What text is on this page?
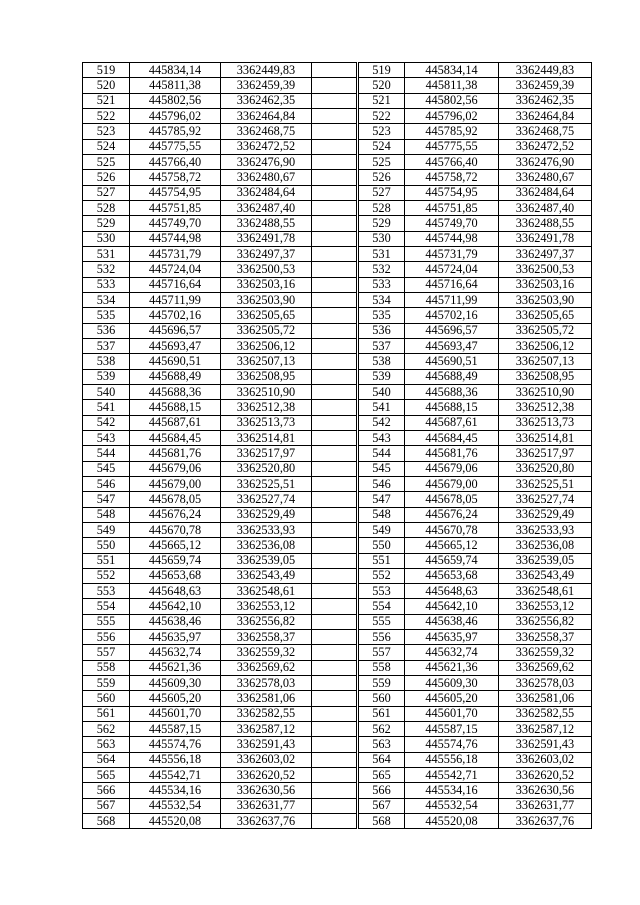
519	445834,14	3362449,83	
520	445811,38	3362459,39	
521	445802,56	3362462,35	
522	445796,02	3362464,84	
523	445785,92	3362468,75	
524	445775,55	3362472,52	
525	445766,40	3362476,90	
526	445758,72	3362480,67	
527	445754,95	3362484,64	
528	445751,85	3362487,40	
529	445749,70	3362488,55	
530	445744,98	3362491,78	
531	445731,79	3362497,37	
532	445724,04	3362500,53	
533	445716,64	3362503,16	
534	445711,99	3362503,90	
535	445702,16	3362505,65	
536	445696,57	3362505,72	
537	445693,47	3362506,12	
538	445690,51	3362507,13	
539	445688,49	3362508,95	
540	445688,36	3362510,90	
541	445688,15	3362512,38	
542	445687,61	3362513,73	
543	445684,45	3362514,81	
544	445681,76	3362517,97	
545	445679,06	3362520,80	
546	445679,00	3362525,51	
547	445678,05	3362527,74	
548	445676,24	3362529,49	
549	445670,78	3362533,93	
550	445665,12	3362536,08	
551	445659,74	3362539,05	
552	445653,68	3362543,49	
553	445648,63	3362548,61	
554	445642,10	3362553,12	
555	445638,46	3362556,82	
556	445635,97	3362558,37	
557	445632,74	3362559,32	
558	445621,36	3362569,62	
559	445609,30	3362578,03	
560	445605,20	3362581,06	
561	445601,70	3362582,55	
562	445587,15	3362587,12	
563	445574,76	3362591,43	
564	445556,18	3362603,02	
565	445542,71	3362620,52	
566	445534,16	3362630,56	
567	445532,54	3362631,77	
568	445520,08	3362637,76	
519	445834,14	3362449,83
520	445811,38	3362459,39
521	445802,56	3362462,35
522	445796,02	3362464,84
523	445785,92	3362468,75
524	445775,55	3362472,52
525	445766,40	3362476,90
526	445758,72	3362480,67
527	445754,95	3362484,64
528	445751,85	3362487,40
529	445749,70	3362488,55
530	445744,98	3362491,78
531	445731,79	3362497,37
532	445724,04	3362500,53
533	445716,64	3362503,16
534	445711,99	3362503,90
535	445702,16	3362505,65
536	445696,57	3362505,72
537	445693,47	3362506,12
538	445690,51	3362507,13
539	445688,49	3362508,95
540	445688,36	3362510,90
541	445688,15	3362512,38
542	445687,61	3362513,73
543	445684,45	3362514,81
544	445681,76	3362517,97
545	445679,06	3362520,80
546	445679,00	3362525,51
547	445678,05	3362527,74
548	445676,24	3362529,49
549	445670,78	3362533,93
550	445665,12	3362536,08
551	445659,74	3362539,05
552	445653,68	3362543,49
553	445648,63	3362548,61
554	445642,10	3362553,12
555	445638,46	3362556,82
556	445635,97	3362558,37
557	445632,74	3362559,32
558	445621,36	3362569,62
559	445609,30	3362578,03
560	445605,20	3362581,06
561	445601,70	3362582,55
562	445587,15	3362587,12
563	445574,76	3362591,43
564	445556,18	3362603,02
565	445542,71	3362620,52
566	445534,16	3362630,56
567	445532,54	3362631,77
568	445520,08	3362637,76
